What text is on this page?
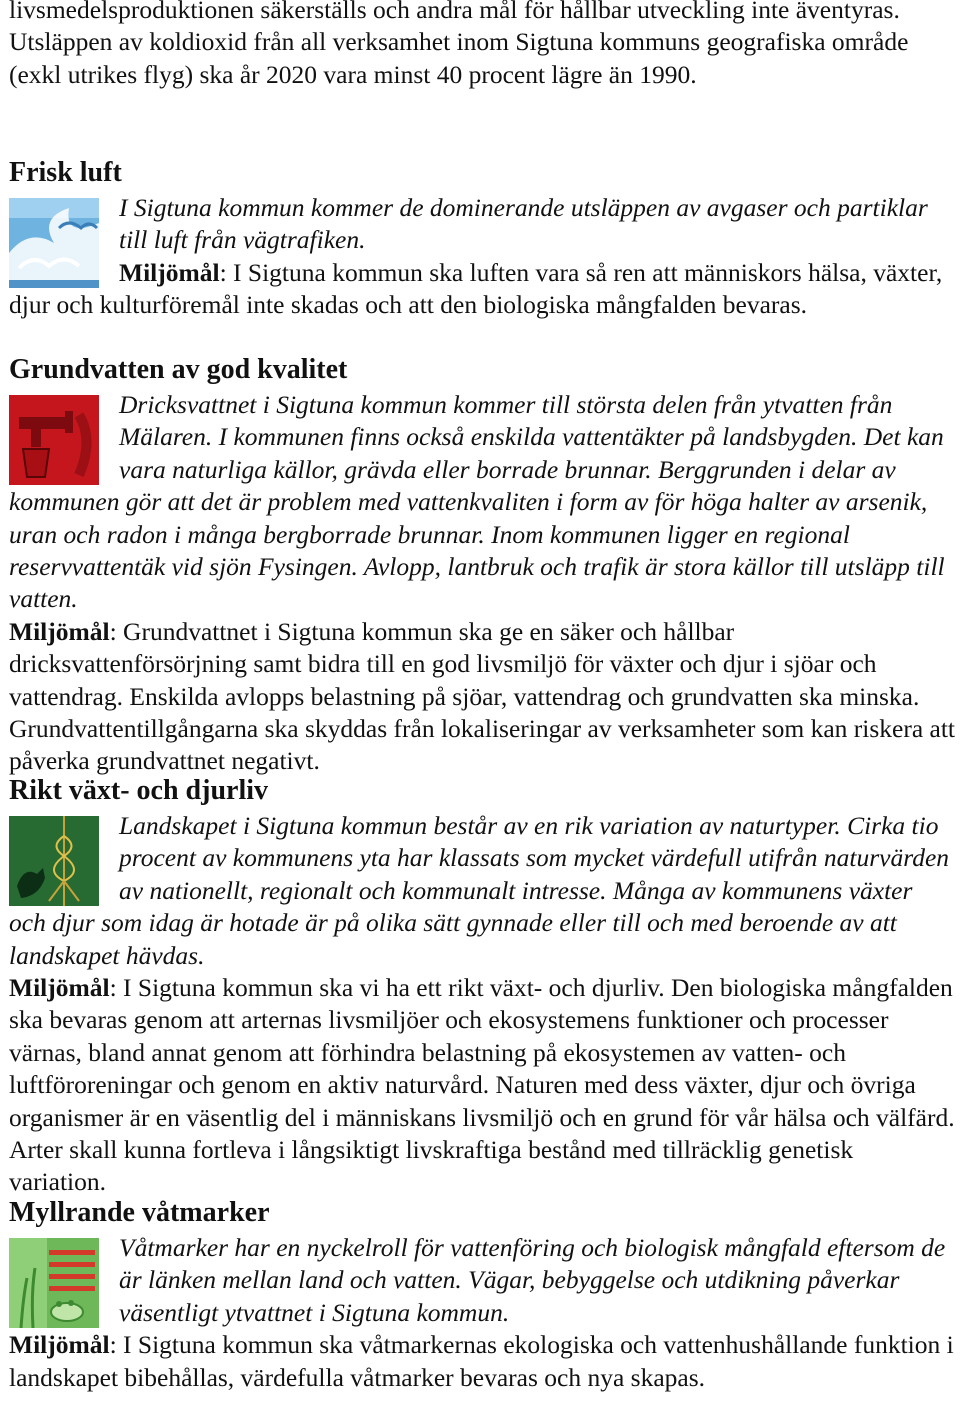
livsmedelsproduktionen säkerställs och andra mål för hållbar utveckling inte äventyras. Utsläppen av koldioxid från all verksamhet inom Sigtuna kommuns geografiska område (exkl utrikes flyg) ska år 2020 vara minst 40 procent lägre än 1990.

Frisk luft

I Sigtuna kommun kommer de dominerande utsläppen av avgaser och partiklar till luft från vägtrafiken.

Miljömål: I Sigtuna kommun ska luften vara så ren att människors hälsa, växter, djur och kulturföremål inte skadas och att den biologiska mångfalden bevaras.

Grundvatten av god kvalitet

Dricksvattnet i Sigtuna kommun kommer till största delen från ytvatten från Mälaren. I kommunen finns också enskilda vattentäkter på landsbygden. Det kan vara naturliga källor, grävda eller borrade brunnar. Berggrunden i delar av kommunen gör att det är problem med vattenkvaliten i form av för höga halter av arsenik, uran och radon i många bergborrade brunnar. Inom kommunen ligger en regional reservvattentäk vid sjön Fysingen. Avlopp, lantbruk och trafik är stora källor till utsläpp till vatten.

Miljömål: Grundvattnet i Sigtuna kommun ska ge en säker och hållbar dricksvattenförsörjning samt bidra till en god livsmiljö för växter och djur i sjöar och vattendrag. Enskilda avlopps belastning på sjöar, vattendrag och grundvatten ska minska. Grundvattentillgångarna ska skyddas från lokaliseringar av verksamheter som kan riskera att påverka grundvattnet negativt.

Rikt växt- och djurliv

Landskapet i Sigtuna kommun består av en rik variation av naturtyper. Cirka tio procent av kommunens yta har klassats som mycket värdefull utifrån naturvärden av nationellt, regionalt och kommunalt intresse. Många av kommunens växter och djur som idag är hotade är på olika sätt gynnade eller till och med beroende av att landskapet hävdas.

Miljömål: I Sigtuna kommun ska vi ha ett rikt växt- och djurliv. Den biologiska mångfalden ska bevaras genom att arternas livsmiljöer och ekosystemens funktioner och processer värnas, bland annat genom att förhindra belastning på ekosystemen av vatten- och luftföroreningar och genom en aktiv naturvård. Naturen med dess växter, djur och övriga organismer är en väsentlig del i människans livsmiljö och en grund för vår hälsa och välfärd. Arter skall kunna fortleva i långsiktigt livskraftiga bestånd med tillräcklig genetisk variation.

Myllrande våtmarker

Våtmarker har en nyckelroll för vattenföring och biologisk mångfald eftersom de är länken mellan land och vatten. Vägar, bebyggelse och utdikning påverkar väsentligt ytvattnet i Sigtuna kommun.

Miljömål: I Sigtuna kommun ska våtmarkernas ekologiska och vattenhushållande funktion i landskapet bibehållas, värdefulla våtmarker bevaras och nya skapas.
